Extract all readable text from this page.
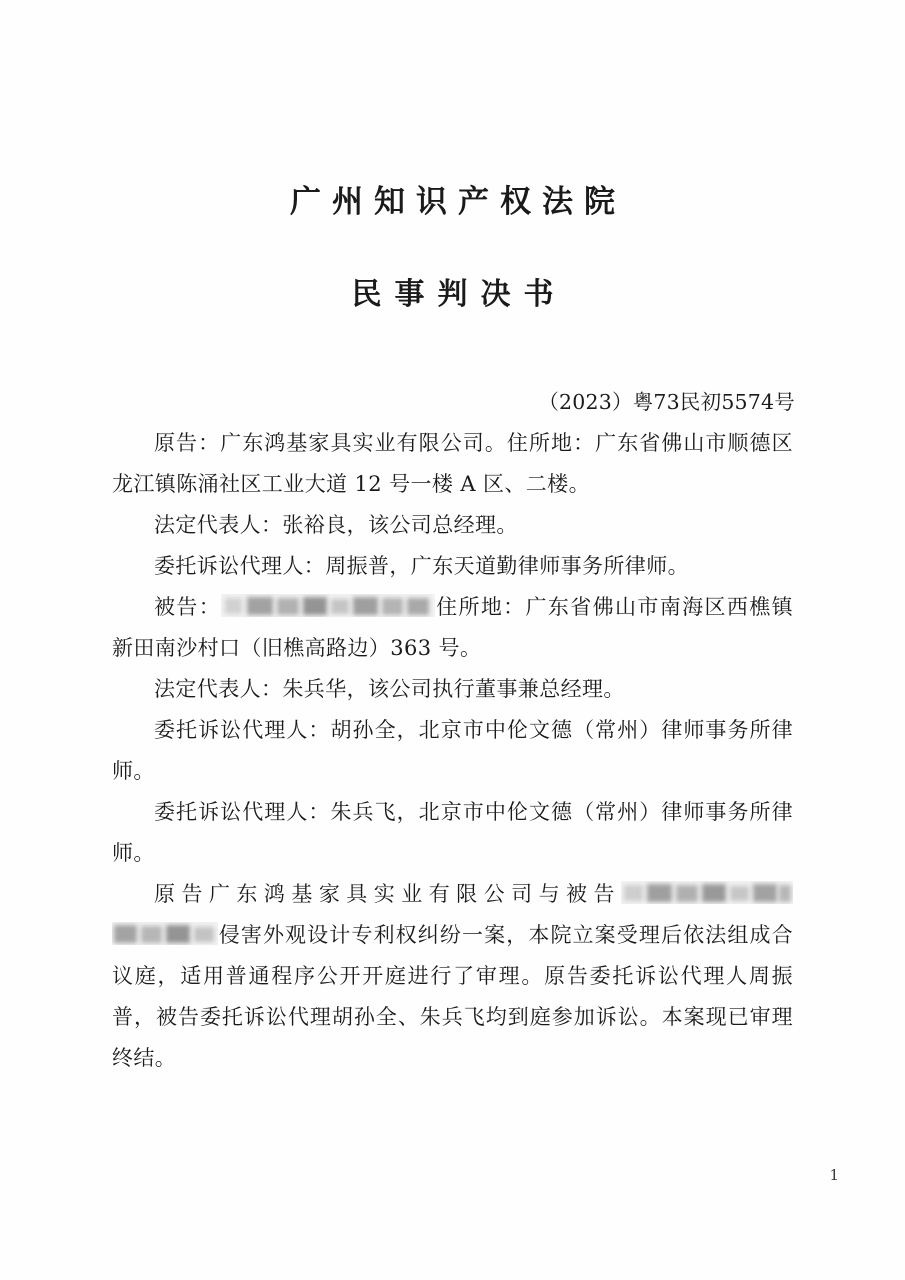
广州知识产权法院
民事判决书
（2023）粤73民初5574号

原告：广东鸿基家具实业有限公司。住所地：广东省佛山市顺德区龙江镇陈涌社区工业大道 12 号一楼 A 区、二楼。

法定代表人：张裕良，该公司总经理。

委托诉讼代理人：周振普，广东天道勤律师事务所律师。

被告：	住所地：广东省佛山市南海区西樵镇新田南沙村口（旧樵高路边）363 号。

法定代表人：朱兵华，该公司执行董事兼总经理。

委托诉讼代理人：胡孙全，北京市中伦文德（常州）律师事务所律师。

委托诉讼代理人：朱兵飞，北京市中伦文德（常州）律师事务所律师。

原告广东鸿基家具实业有限公司与被告
侵害外观设计专利权纠纷一案，本院立案受理后依法组成合议庭，适用普通程序公开开庭进行了审理。原告委托诉讼代理人周振普，被告委托诉讼代理胡孙全、朱兵飞均到庭参加诉讼。本案现已审理终结。

1
